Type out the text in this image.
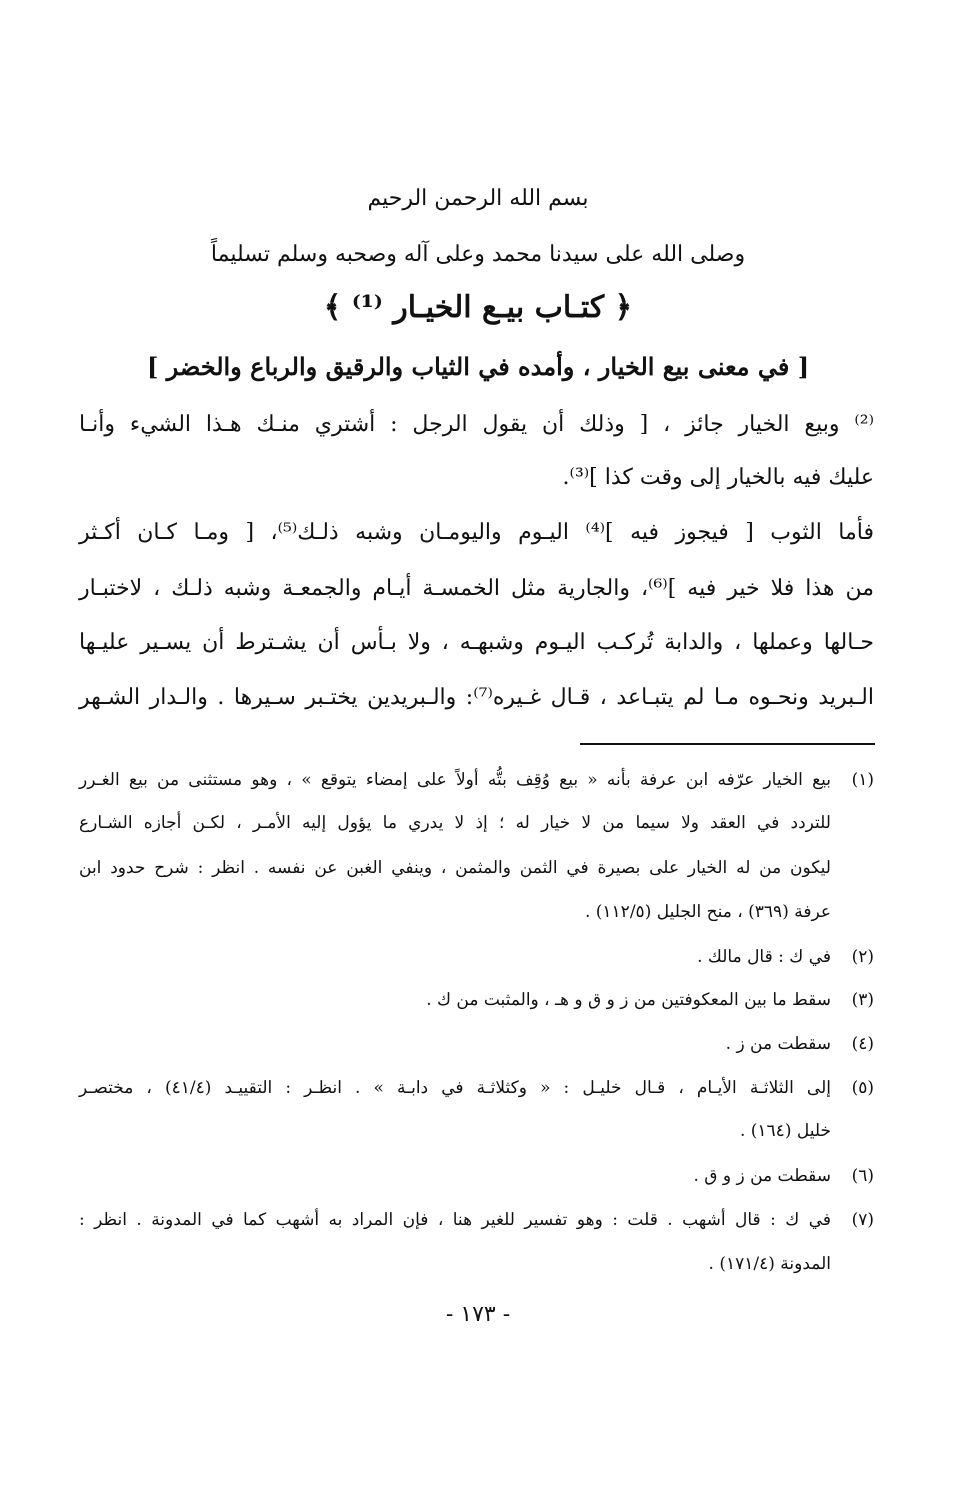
بسم الله الرحمن الرحيم
وصلى الله على سيدنا محمد وعلى آله وصحبه وسلم تسليماً
﴿ كتـاب بيـع الخيـار ⁽¹⁾ ﴾
[ في معنى بيع الخيار ، وأمده في الثياب والرقيق والرباع والخضر ]
⁽²⁾ وبيع الخيار جائز ، [ وذلك أن يقول الرجل : أشتري منـك هـذا الشيء وأنـا
عليك فيه بالخيار إلى وقت كذا ]⁽³⁾.
فأما الثوب [ فيجوز فيه ]⁽⁴⁾ اليـوم واليومـان وشبه ذلـك⁽⁵⁾، [ ومـا كـان أكـثر
من هذا فلا خير فيه ]⁽⁶⁾، والجارية مثل الخمسـة أيـام والجمعـة وشبه ذلـك ، لاختبـار
حـالها وعملها ، والدابة تُركـب اليـوم وشبهـه ، ولا بـأس أن يشـترط أن يسـير عليـها
الـبريد ونحـوه مـا لم يتبـاعد ، قـال غـيره⁽⁷⁾: والـبريدين يختـبر سـيرها . والـدار الشـهر
(١)
بيع الخيار عرّفه ابن عرفة بأنه « بيع وُقِف بتُّه أولاً على إمضاء يتوقع » ، وهو مستثنى من بيع الغـرر
للتردد في العقد ولا سيما من لا خيار له ؛ إذ لا يدري ما يؤول إليه الأمـر ، لكـن أجازه الشـارع
ليكون من له الخيار على بصيرة في الثمن والمثمن ، وينفي الغبن عن نفسه . انظر : شرح حدود ابن
عرفة (٣٦٩) ، منح الجليل (١١٢/٥) .
(٢)
في ك : قال مالك .
(٣)
سقط ما بين المعكوفتين من ز و ق و هـ ، والمثبت من ك .
(٤)
سقطت من ز .
(٥)
إلى الثلاثـة الأيـام ، قـال خليـل : « وكثلاثـة في دابـة » . انظـر : التقييـد (٤١/٤) ، مختصـر
خليل (١٦٤) .
(٦)
سقطت من ز و ق .
(٧)
في ك : قال أشهب . قلت : وهو تفسير للغير هنا ، فإن المراد به أشهب كما في المدونة . انظر :
المدونة (١٧١/٤) .
- ١٧٣ -
